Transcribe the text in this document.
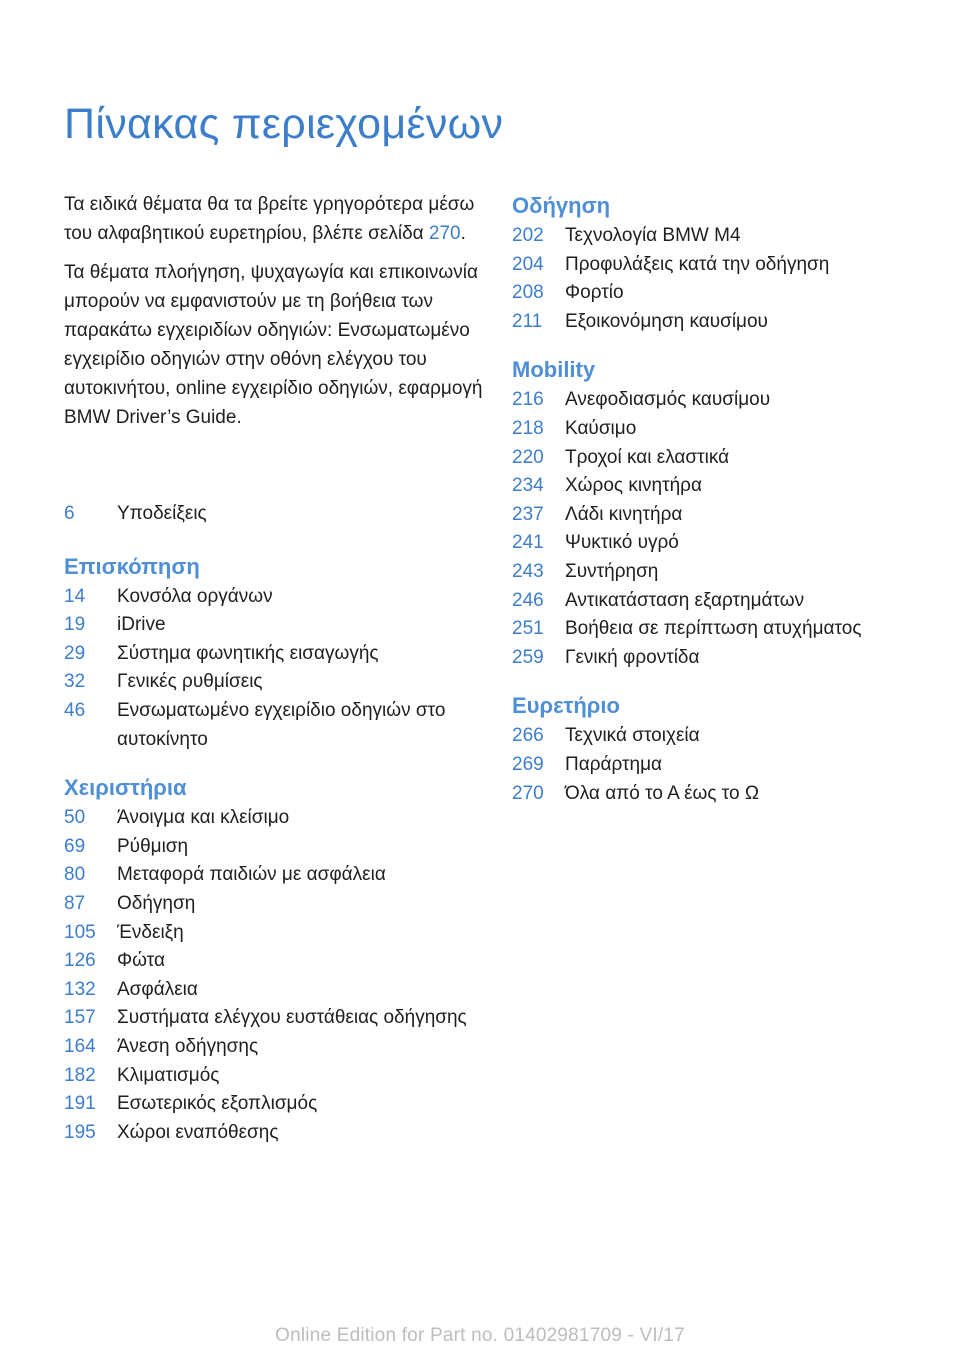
Πίνακας περιεχομένων

Τα ειδικά θέματα θα τα βρείτε γρηγορότερα μέσω του αλφαβητικού ευρετηρίου, βλέπε σελίδα 270.

Τα θέματα πλοήγηση, ψυχαγωγία και επικοινωνία μπορούν να εμφανιστούν με τη βοήθεια των παρακάτω εγχειριδίων οδηγιών: Ενσωματωμένο εγχειρίδιο οδηγιών στην οθόνη ελέγχου του αυτοκινήτου, online εγχειρίδιο οδηγιών, εφαρμογή BMW Driver’s Guide.

6	Υποδείξεις
Επισκόπηση
14	Κονσόλα οργάνων
19	iDrive
29	Σύστημα φωνητικής εισαγωγής
32	Γενικές ρυθμίσεις
46	Ενσωματωμένο εγχειρίδιο οδηγιών στο αυτοκίνητο
Χειριστήρια
50	Άνοιγμα και κλείσιμο
69	Ρύθμιση
80	Μεταφορά παιδιών με ασφάλεια
87	Οδήγηση
105	Ένδειξη
126	Φώτα
132	Ασφάλεια
157	Συστήματα ελέγχου ευστάθειας οδήγησης
164	Άνεση οδήγησης
182	Κλιματισμός
191	Εσωτερικός εξοπλισμός
195	Χώροι εναπόθεσης
Οδήγηση
202	Τεχνολογία BMW M4
204	Προφυλάξεις κατά την οδήγηση
208	Φορτίο
211	Εξοικονόμηση καυσίμου
Mobility
216	Ανεφοδιασμός καυσίμου
218	Καύσιμο
220	Τροχοί και ελαστικά
234	Χώρος κινητήρα
237	Λάδι κινητήρα
241	Ψυκτικό υγρό
243	Συντήρηση
246	Αντικατάσταση εξαρτημάτων
251	Βοήθεια σε περίπτωση ατυχήματος
259	Γενική φροντίδα
Ευρετήριο
266	Τεχνικά στοιχεία
269	Παράρτημα
270	Όλα από το Α έως το Ω
Online Edition for Part no. 01402981709 - VI/17
